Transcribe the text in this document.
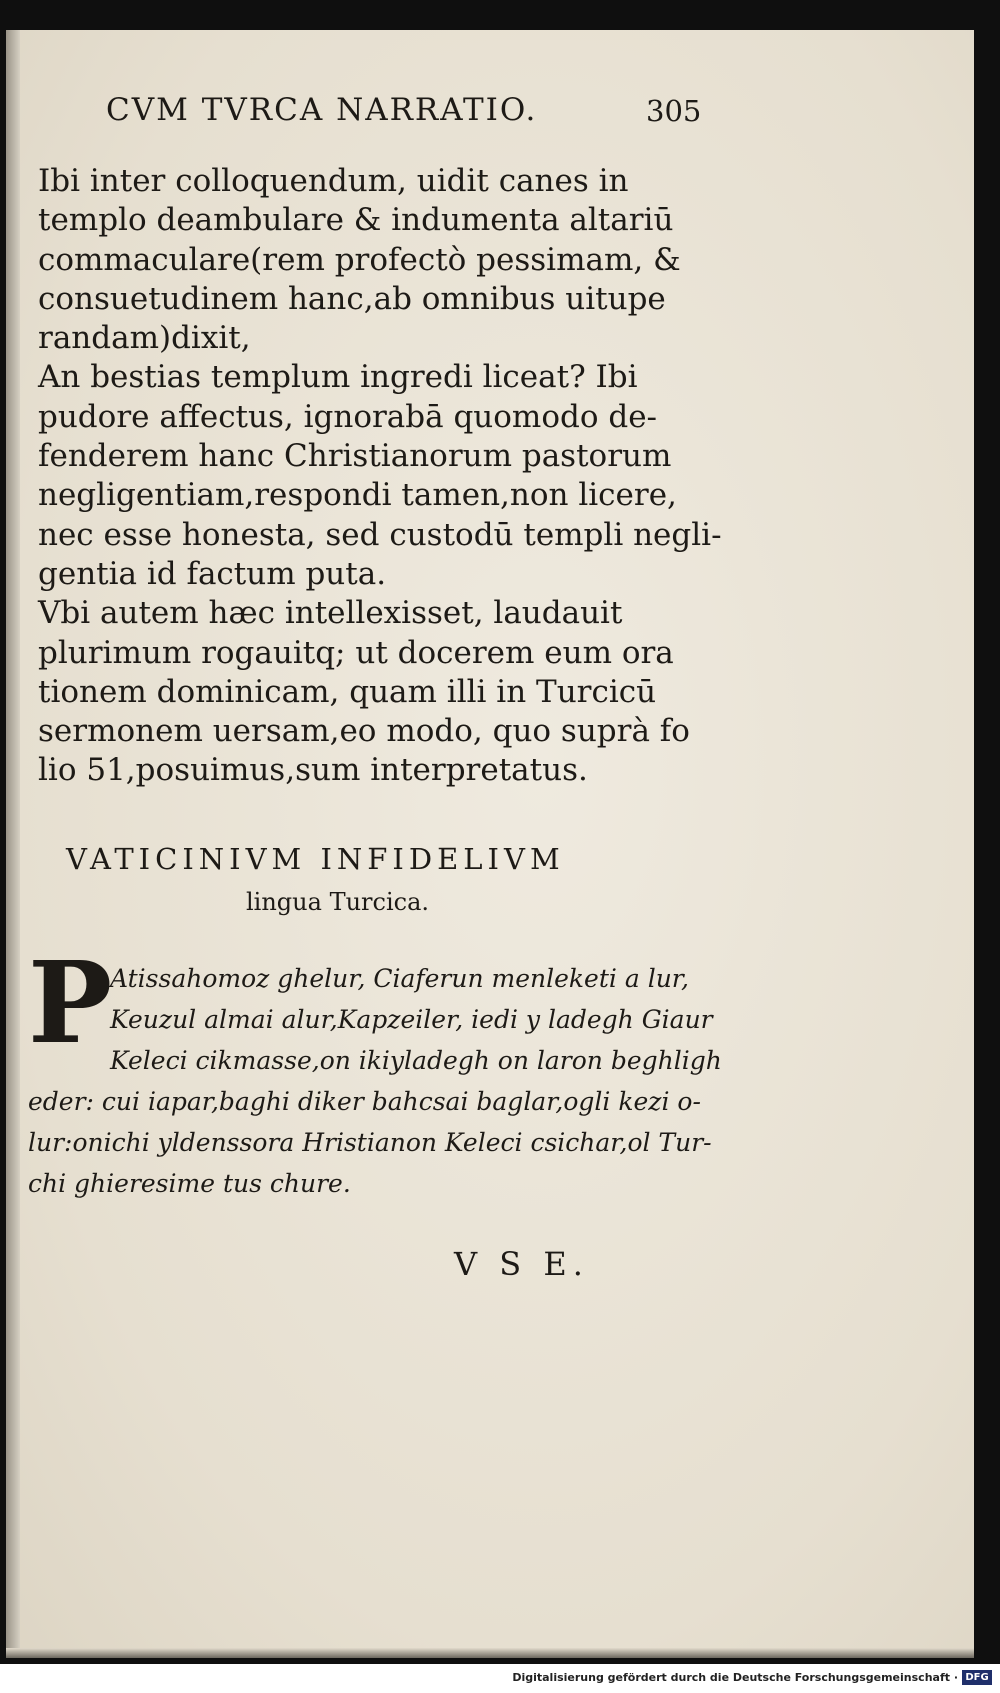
CVM TVRCA NARRATIO.	305
Ibi inter colloquendum, uidit canes in
templo deambulare & indumenta altariū
commaculare(rem profectò pessimam, &
consuetudinem hanc,ab omnibus uitupe
randam)dixit,
An bestias templum ingredi liceat? Ibi
pudore affectus, ignorabā quomodo de-
fenderem hanc Christianorum pastorum
negligentiam,respondi tamen,non licere,
nec esse honesta, sed custodū templi negli-
gentia id factum puta.
Vbi autem hæc intellexisset, laudauit
plurimum rogauitq; ut docerem eum ora
tionem dominicam, quam illi in Turcicū
sermonem uersam,eo modo, quo suprà fo
lio 51,posuimus,sum interpretatus.
VATICINIVM INFIDELIVM
lingua Turcica.
P
Atissahomoz ghelur, Ciaferun menleketi a lur,
Keuzul almai alur,Kapzeiler, iedi y ladegh Giaur
Keleci cikmasse,on ikiyladegh on laron beghligh
eder: cui iapar,baghi diker bahcsai baglar,ogli kezi o-
lur:onichi yldenssora Hristianon Keleci csichar,ol Tur-
chi ghieresime tus chure.
V S E.
Digitalisierung gefördert durch die Deutsche Forschungsgemeinschaft · DFG
